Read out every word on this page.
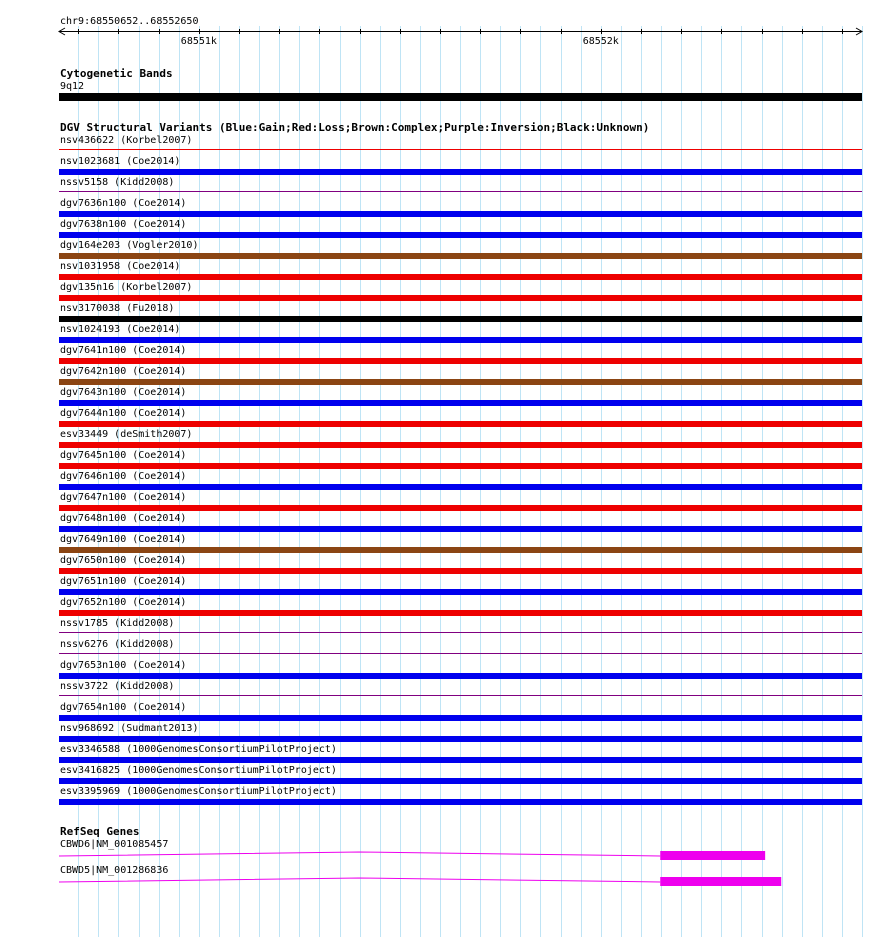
chr9:68550652..68552650
68551k	68552k
Cytogenetic Bands
9q12
DGV Structural Variants (Blue:Gain;Red:Loss;Brown:Complex;Purple:Inversion;Black:Unknown)
nsv436622 (Korbel2007)
nsv1023681 (Coe2014)
nssv5158 (Kidd2008)
dgv7636n100 (Coe2014)
dgv7638n100 (Coe2014)
dgv164e203 (Vogler2010)
nsv1031958 (Coe2014)
dgv135n16 (Korbel2007)
nsv3170038 (Fu2018)
nsv1024193 (Coe2014)
dgv7641n100 (Coe2014)
dgv7642n100 (Coe2014)
dgv7643n100 (Coe2014)
dgv7644n100 (Coe2014)
esv33449 (deSmith2007)
dgv7645n100 (Coe2014)
dgv7646n100 (Coe2014)
dgv7647n100 (Coe2014)
dgv7648n100 (Coe2014)
dgv7649n100 (Coe2014)
dgv7650n100 (Coe2014)
dgv7651n100 (Coe2014)
dgv7652n100 (Coe2014)
nssv1785 (Kidd2008)
nssv6276 (Kidd2008)
dgv7653n100 (Coe2014)
nssv3722 (Kidd2008)
dgv7654n100 (Coe2014)
nsv968692 (Sudmant2013)
esv3346588 (1000GenomesConsortiumPilotProject)
esv3416825 (1000GenomesConsortiumPilotProject)
esv3395969 (1000GenomesConsortiumPilotProject)
RefSeq Genes
CBWD6|NM_001085457
CBWD5|NM_001286836
